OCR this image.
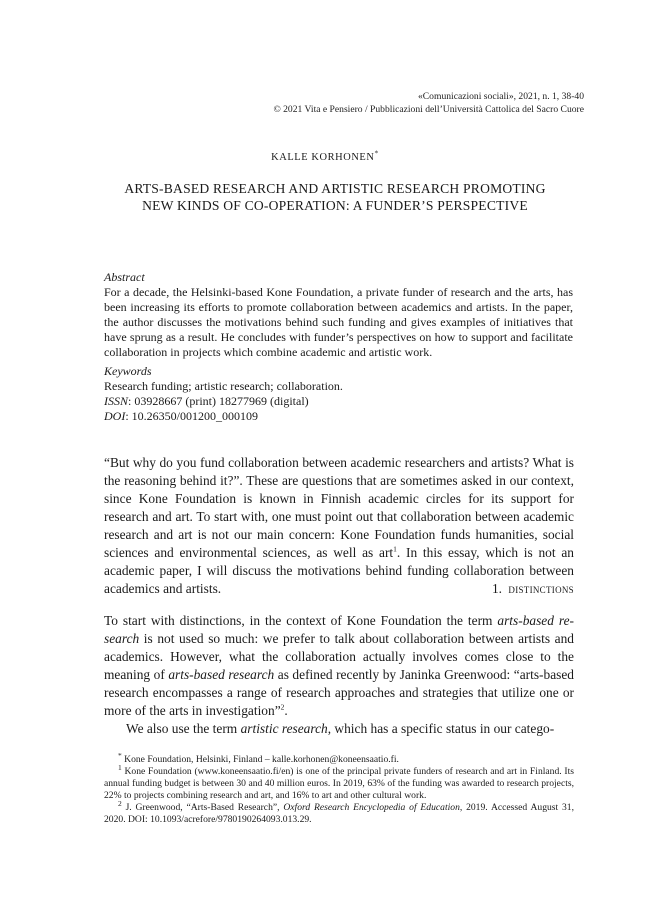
«Comunicazioni sociali», 2021, n. 1, 38-40
© 2021 Vita e Pensiero / Pubblicazioni dell’Università Cattolica del Sacro Cuore
KALLE KORHONEN*
ARTS-BASED RESEARCH AND ARTISTIC RESEARCH PROMOTING
NEW KINDS OF CO-OPERATION: A FUNDER’S PERSPECTIVE
Abstract

For a decade, the Helsinki-based Kone Foundation, a private funder of research and the arts, has been increasing its efforts to promote collaboration between academics and artists. In the paper, the author discusses the motivations behind such funding and gives examples of initiatives that have sprung as a result. He concludes with funder’s perspectives on how to support and facilitate collaboration in projects which combine academic and artistic work.

Keywords
Research funding; artistic research; collaboration.
ISSN: 03928667 (print) 18277969 (digital)
DOI: 10.26350/001200_000109

“But why do you fund collaboration between academic researchers and artists? What is the reasoning behind it?”. These are questions that are sometimes asked in our context, since Kone Foundation is known in Finnish academic circles for its support for research and art. To start with, one must point out that collaboration between academic research and art is not our main concern: Kone Foundation funds humanities, social sciences and environmental sciences, as well as art$^1$. In this essay, which is not an academic paper, I will discuss the motivations behind funding collaboration between academics and artists.	1. distinctions

To start with distinctions, in the context of Kone Foundation the term arts-based research is not used so much: we prefer to talk about collaboration between artists and academics. However, what the collaboration actually involves comes close to the meaning of arts-based research as defined recently by Janinka Greenwood: “arts-based research encompasses a range of research approaches and strategies that utilize one or more of the arts in investigation”$^2$.

We also use the term artistic research, which has a specific status in our catego-

* Kone Foundation, Helsinki, Finland – kalle.korhonen@koneensaatio.fi.

$^1$ Kone Foundation (www.koneensaatio.fi/en) is one of the principal private funders of research and art in Finland. Its annual funding budget is between 30 and 40 million euros. In 2019, 63% of the funding was awarded to research projects, 22% to projects combining research and art, and 16% to art and other cultural work.

$^2$ J. Greenwood, “Arts-Based Research”, Oxford Research Encyclopedia of Education, 2019. Accessed August 31, 2020. DOI: 10.1093/acrefore/9780190264093.013.29.
